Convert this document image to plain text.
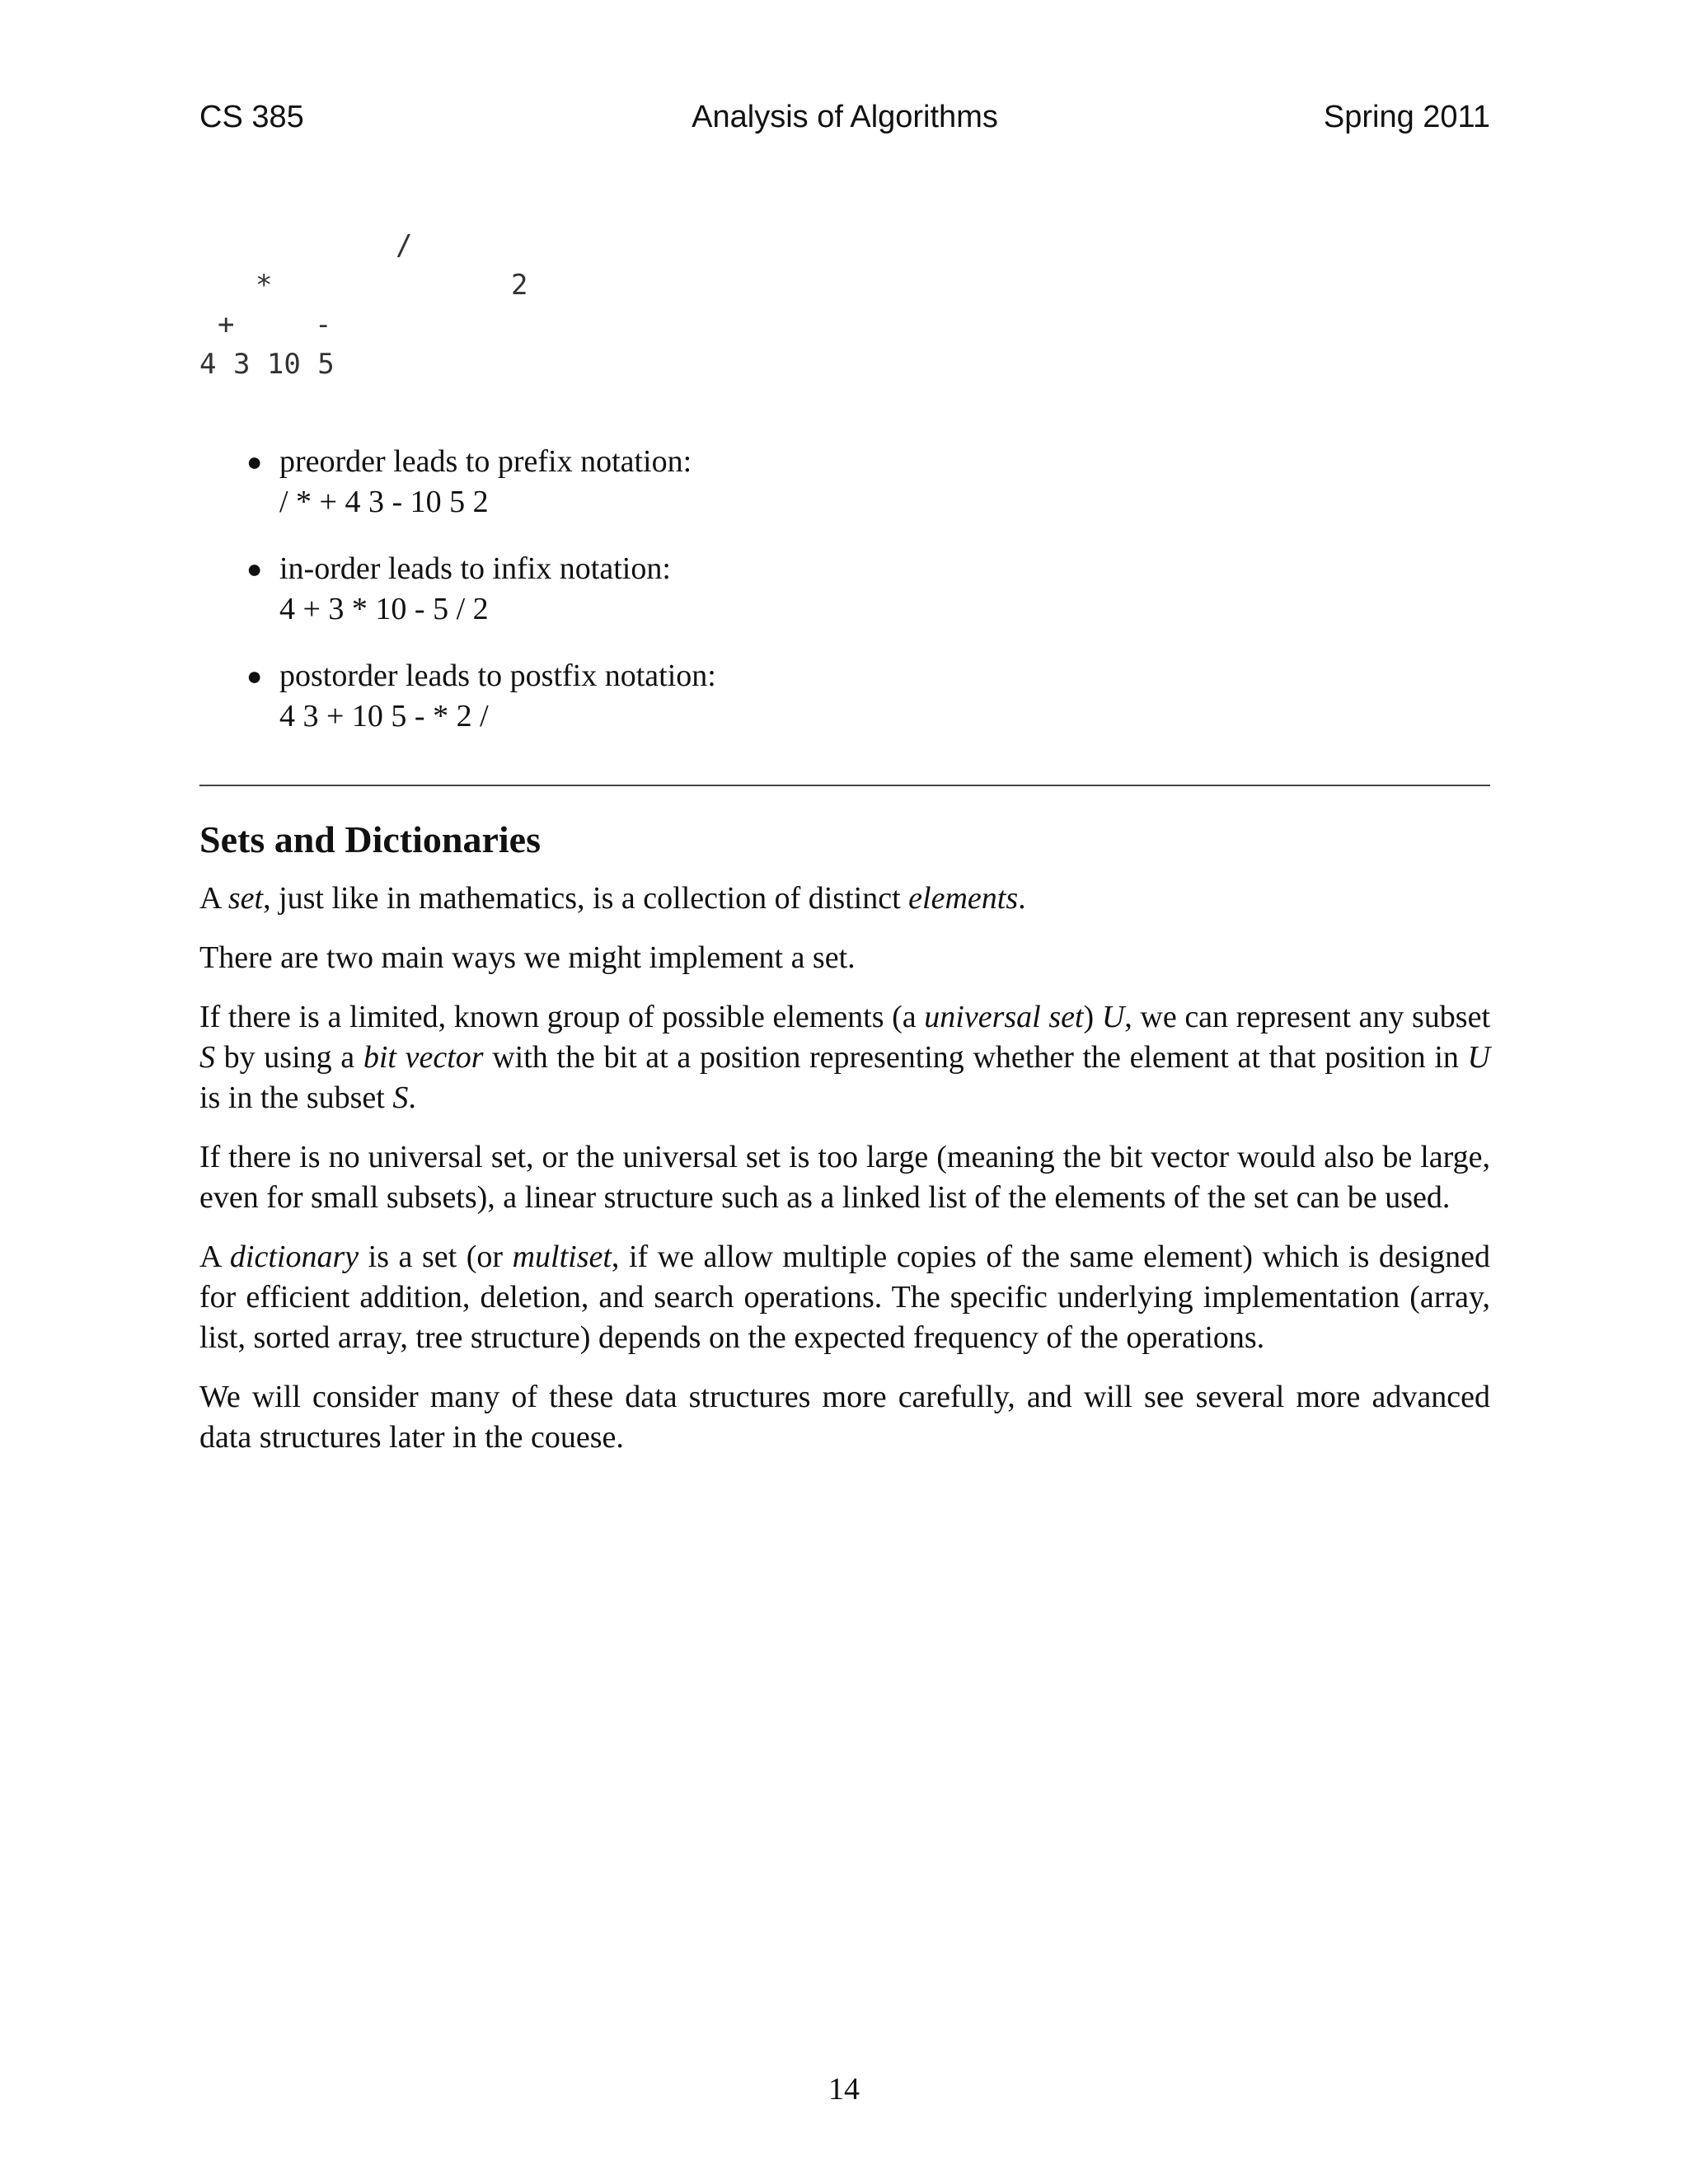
CS 385	Analysis of Algorithms	Spring 2011
/
*	2
+	-
4 3 10 5
● preorder leads to prefix notation:
/ * + 4 3 - 10 5 2
● in-order leads to infix notation:
4 + 3 * 10 - 5 / 2
● postorder leads to postfix notation:
4 3 + 10 5 - * 2 /
Sets and Dictionaries

A set, just like in mathematics, is a collection of distinct elements.

There are two main ways we might implement a set.

If there is a limited, known group of possible elements (a universal set) U, we can represent any subset S by using a bit vector with the bit at a position representing whether the element at that position in U is in the subset S.

If there is no universal set, or the universal set is too large (meaning the bit vector would also be large, even for small subsets), a linear structure such as a linked list of the elements of the set can be used.

A dictionary is a set (or multiset, if we allow multiple copies of the same element) which is designed for efficient addition, deletion, and search operations. The specific underlying implementation (array, list, sorted array, tree structure) depends on the expected frequency of the operations.

We will consider many of these data structures more carefully, and will see several more advanced data structures later in the couese.

14
